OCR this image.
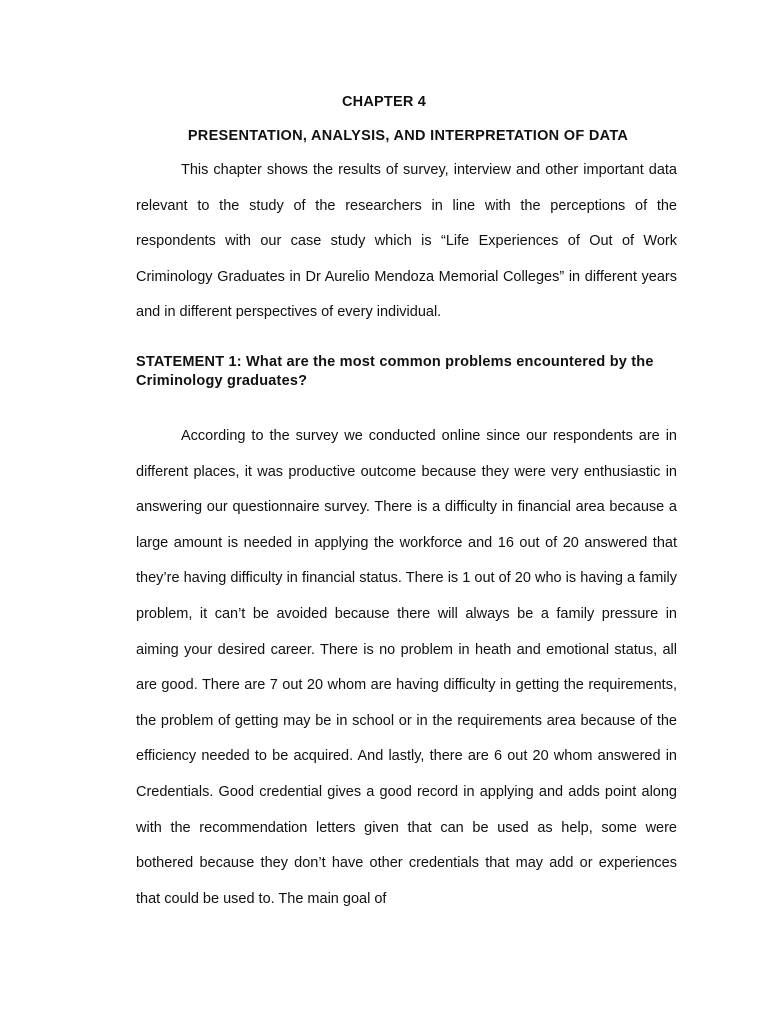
CHAPTER 4
PRESENTATION, ANALYSIS, AND INTERPRETATION OF DATA

This chapter shows the results of survey, interview and other important data relevant to the study of the researchers in line with the perceptions of the respondents with our case study which is “Life Experiences of Out of Work Criminology Graduates in Dr Aurelio Mendoza Memorial Colleges” in different years and in different perspectives of every individual.

STATEMENT 1: What are the most common problems encountered by the Criminology graduates?

According to the survey we conducted online since our respondents are in different places, it was productive outcome because they were very enthusiastic in answering our questionnaire survey. There is a difficulty in financial area because a large amount is needed in applying the workforce and 16 out of 20 answered that they’re having difficulty in financial status. There is 1 out of 20 who is having a family problem, it can’t be avoided because there will always be a family pressure in aiming your desired career. There is no problem in heath and emotional status, all are good. There are 7 out 20 whom are having difficulty in getting the requirements, the problem of getting may be in school or in the requirements area because of the efficiency needed to be acquired. And lastly, there are 6 out 20 whom answered in Credentials. Good credential gives a good record in applying and adds point along with the recommendation letters given that can be used as help, some were bothered because they don’t have other credentials that may add or experiences that could be used to. The main goal of
